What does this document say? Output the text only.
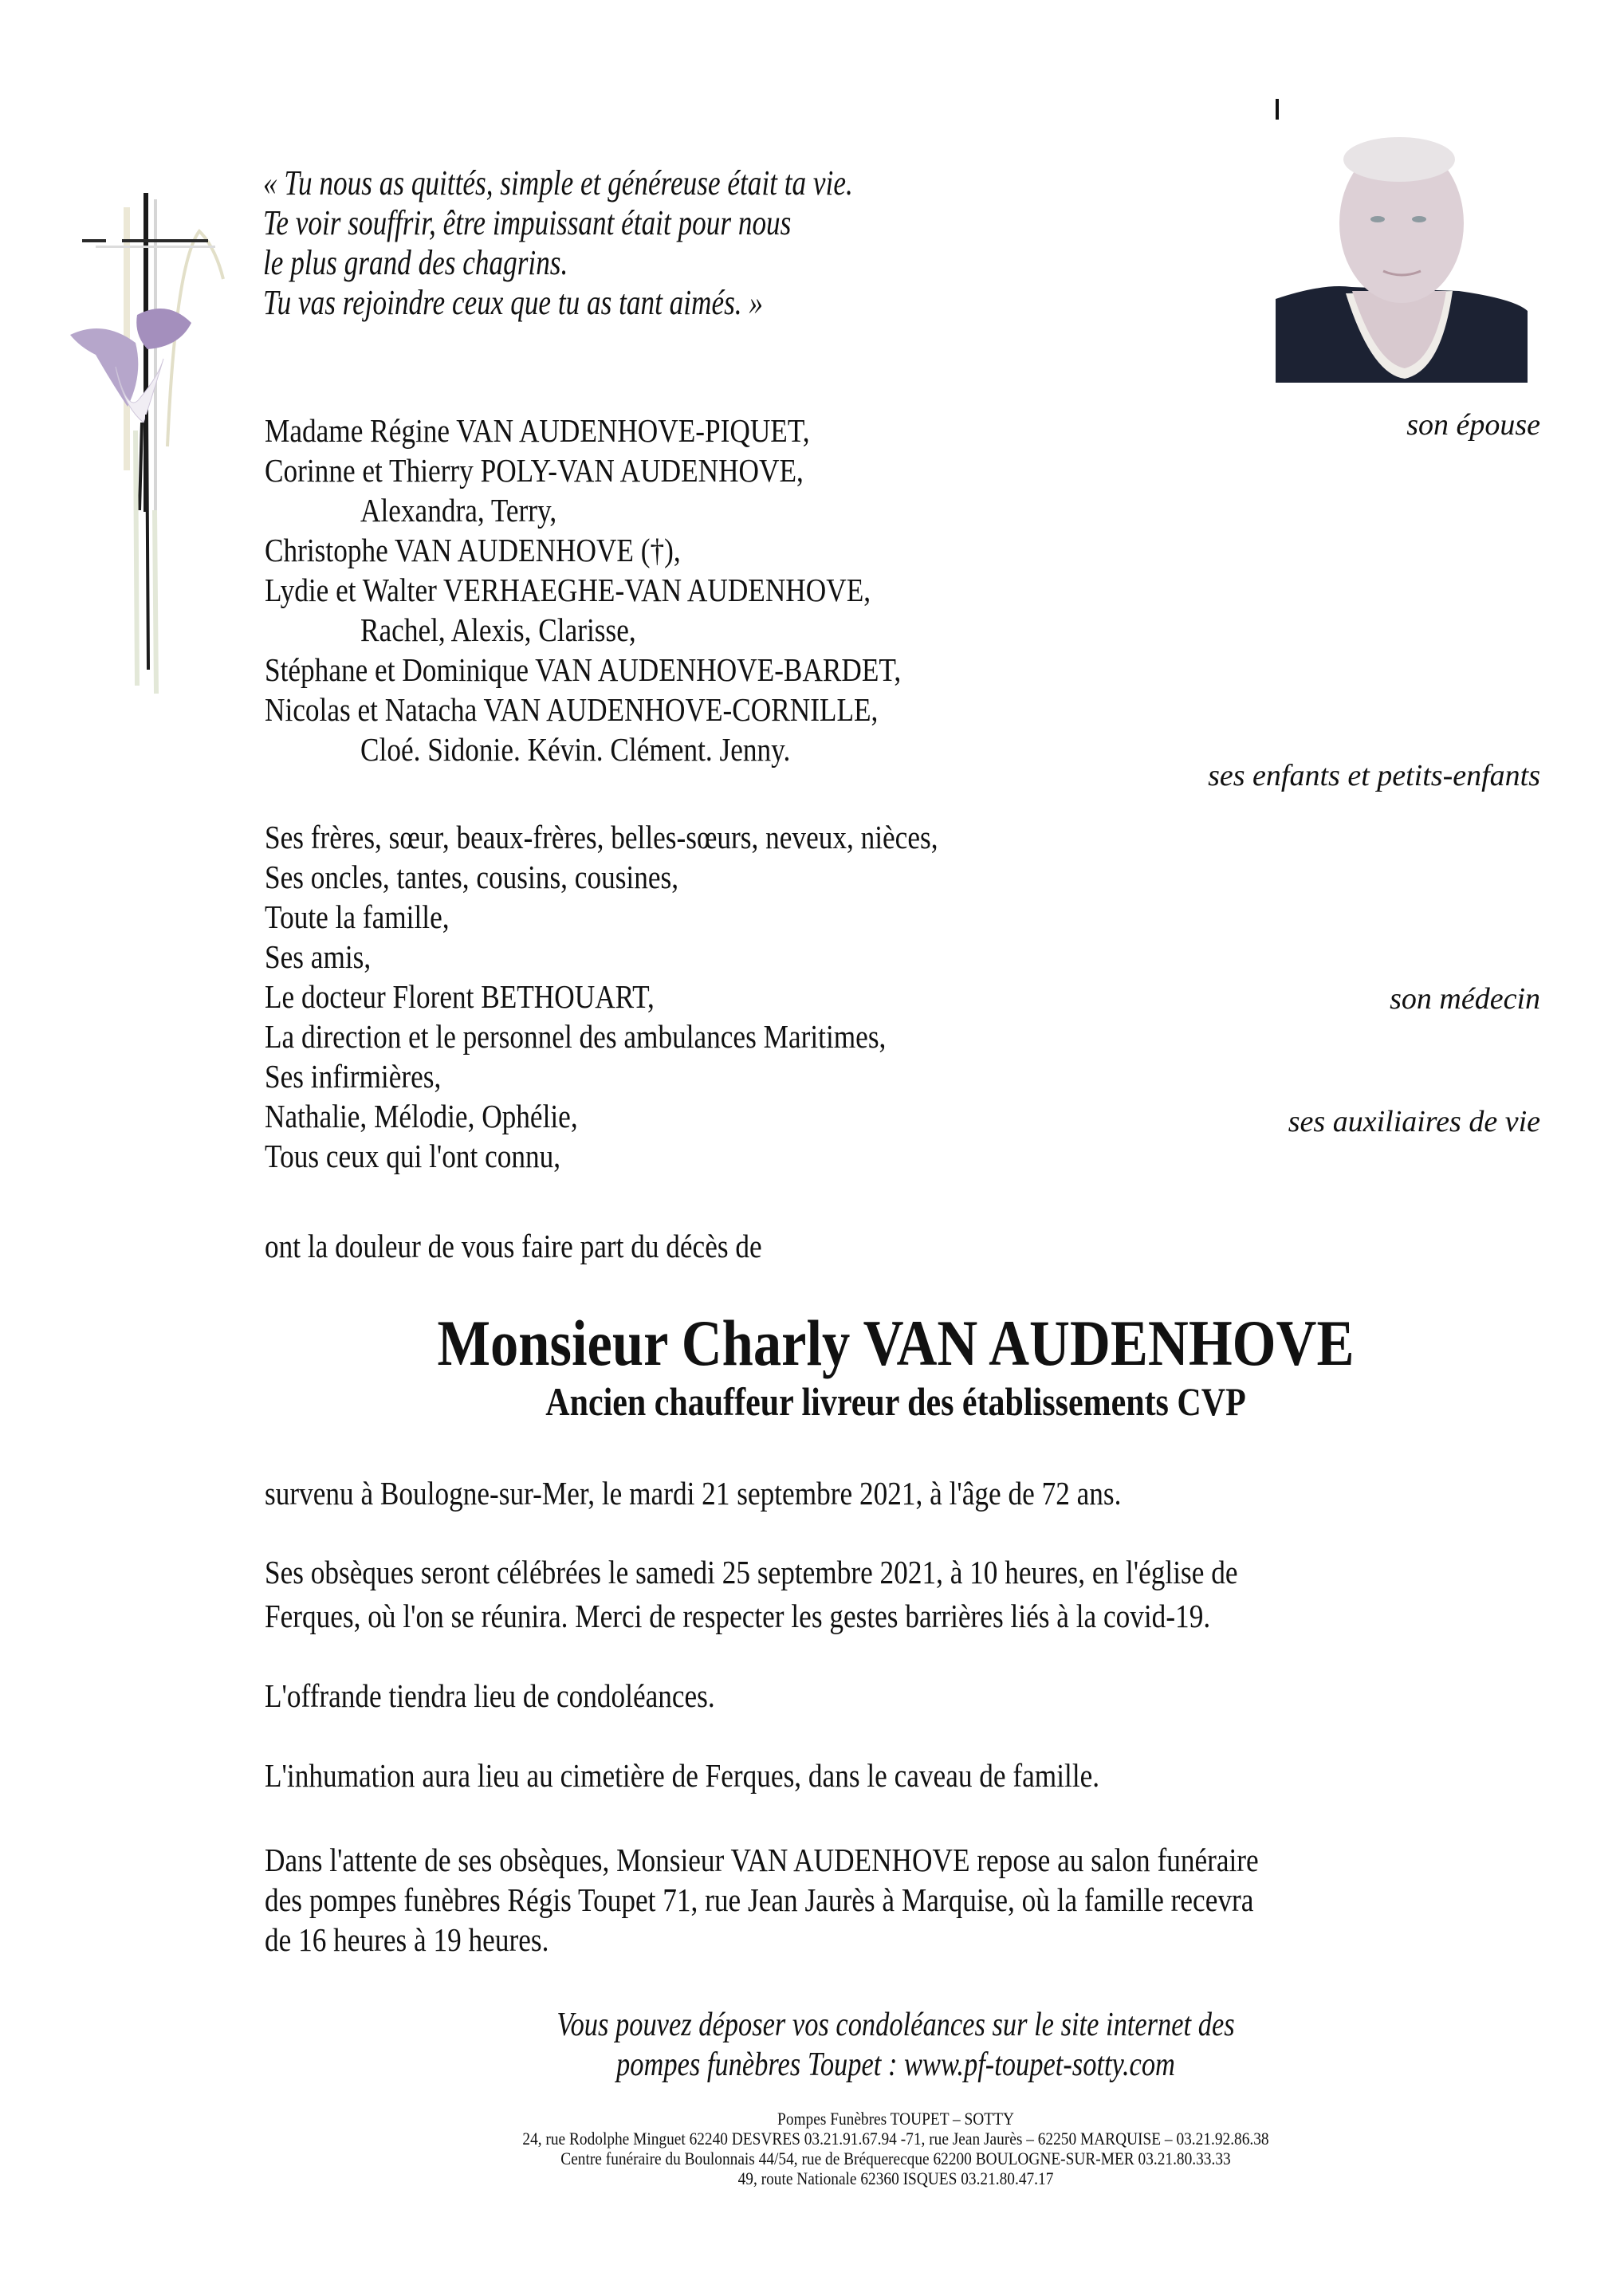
« Tu nous as quittés, simple et généreuse était ta vie.
Te voir souffrir, être impuissant était pour nous
le plus grand des chagrins.
Tu vas rejoindre ceux que tu as tant aimés. »
Madame Régine VAN AUDENHOVE-PIQUET,
Corinne et Thierry POLY-VAN AUDENHOVE,
Alexandra, Terry,
Christophe VAN AUDENHOVE (†),
Lydie et Walter VERHAEGHE-VAN AUDENHOVE,
Rachel, Alexis, Clarisse,
Stéphane et Dominique VAN AUDENHOVE-BARDET,
Nicolas et Natacha VAN AUDENHOVE-CORNILLE,
Cloé. Sidonie. Kévin. Clément. Jenny.
son épouse
ses enfants et petits-enfants
Ses frères, sœur, beaux-frères, belles-sœurs, neveux, nièces,
Ses oncles, tantes, cousins, cousines,
Toute la famille,
Ses amis,
Le docteur Florent BETHOUART,
La direction et le personnel des ambulances Maritimes,
Ses infirmières,
Nathalie, Mélodie, Ophélie,
Tous ceux qui l'ont connu,
son médecin
ses auxiliaires de vie
ont la douleur de vous faire part du décès de
Monsieur Charly VAN AUDENHOVE
Ancien chauffeur livreur des établissements CVP
survenu à Boulogne-sur-Mer, le mardi 21 septembre 2021, à l'âge de 72 ans.
Ses obsèques seront célébrées le samedi 25 septembre 2021, à 10 heures, en l'église de
Ferques, où l'on se réunira. Merci de respecter les gestes barrières liés à la covid-19.
L'offrande tiendra lieu de condoléances.
L'inhumation aura lieu au cimetière de Ferques, dans le caveau de famille.
Dans l'attente de ses obsèques, Monsieur VAN AUDENHOVE repose au salon funéraire
des pompes funèbres Régis Toupet 71, rue Jean Jaurès à Marquise, où la famille recevra
de 16 heures à 19 heures.
Vous pouvez déposer vos condoléances sur le site internet des
pompes funèbres Toupet : www.pf-toupet-sotty.com
Pompes Funèbres TOUPET – SOTTY
24, rue Rodolphe Minguet 62240 DESVRES 03.21.91.67.94 -71, rue Jean Jaurès – 62250 MARQUISE – 03.21.92.86.38
Centre funéraire du Boulonnais 44/54, rue de Bréquerecque 62200 BOULOGNE-SUR-MER 03.21.80.33.33
49, route Nationale 62360 ISQUES 03.21.80.47.17
